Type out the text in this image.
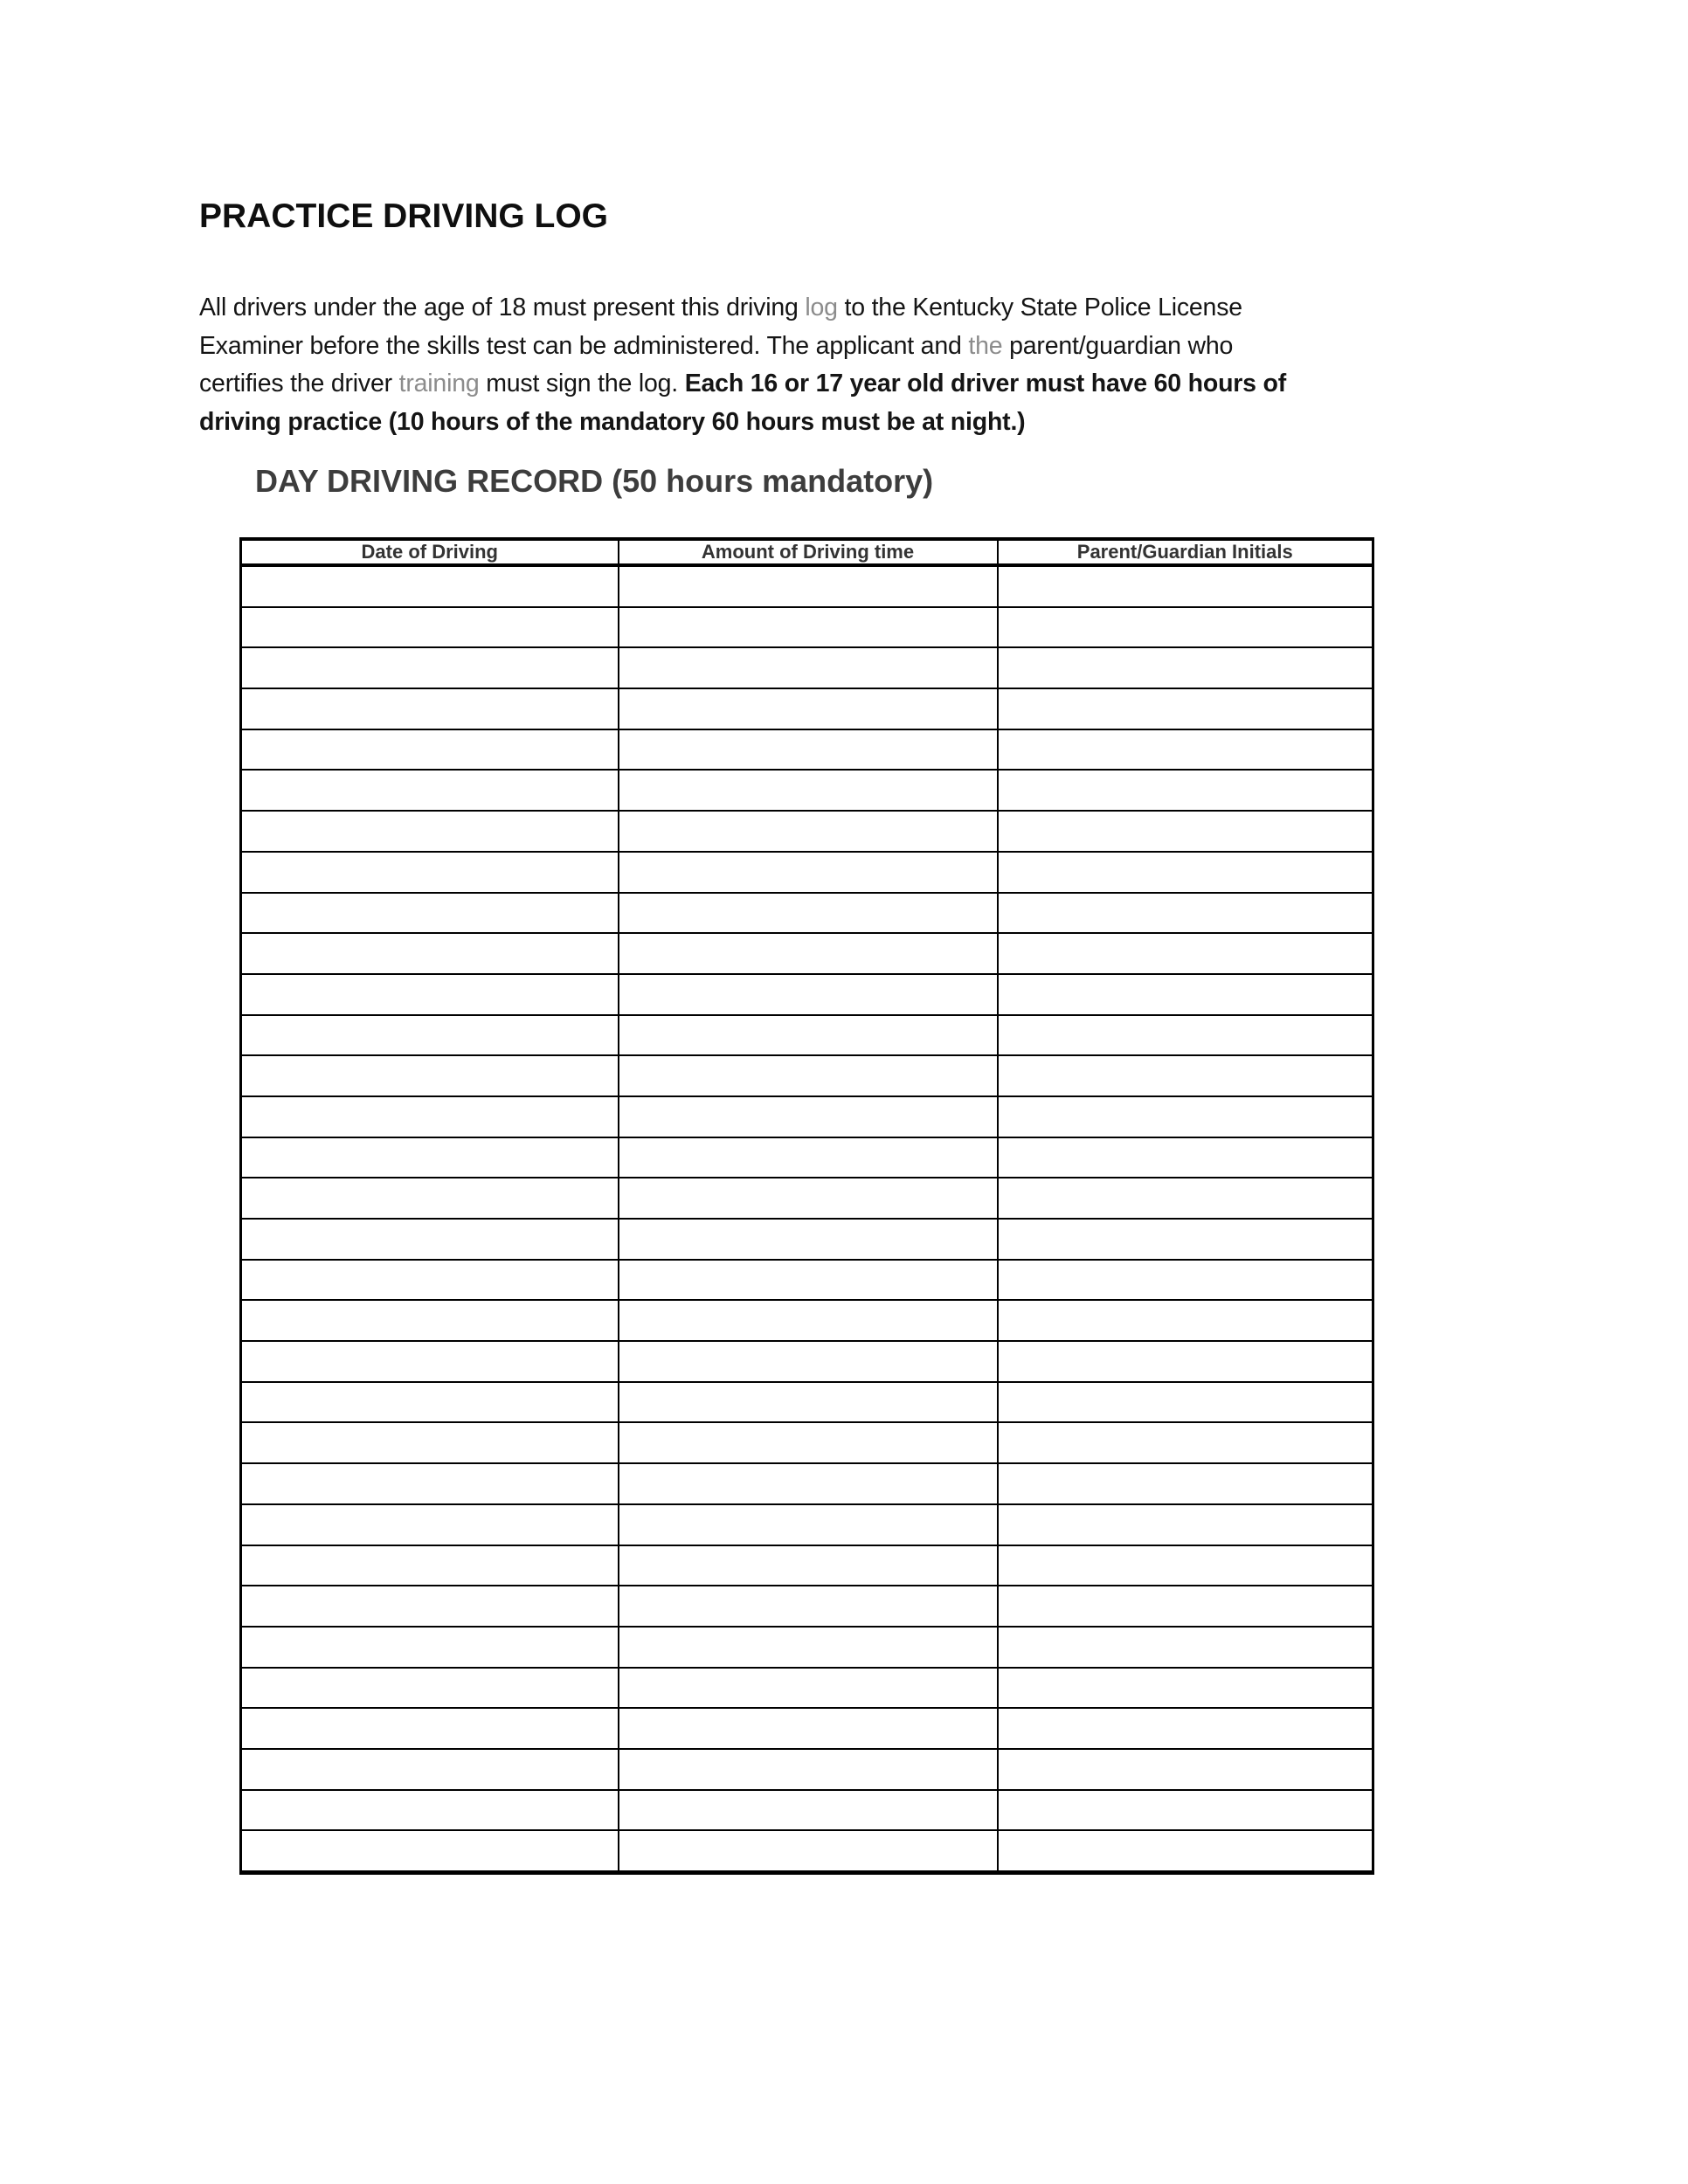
PRACTICE DRIVING LOG

All drivers under the age of 18 must present this driving log to the Kentucky State Police License
Examiner before the skills test can be administered. The applicant and the parent/guardian who
certifies the driver training must sign the log. Each 16 or 17 year old driver must have 60 hours of
driving practice (10 hours of the mandatory 60 hours must be at night.)

DAY DRIVING RECORD (50 hours mandatory)
Date of Driving	Amount of Driving time	Parent/Guardian Initials
